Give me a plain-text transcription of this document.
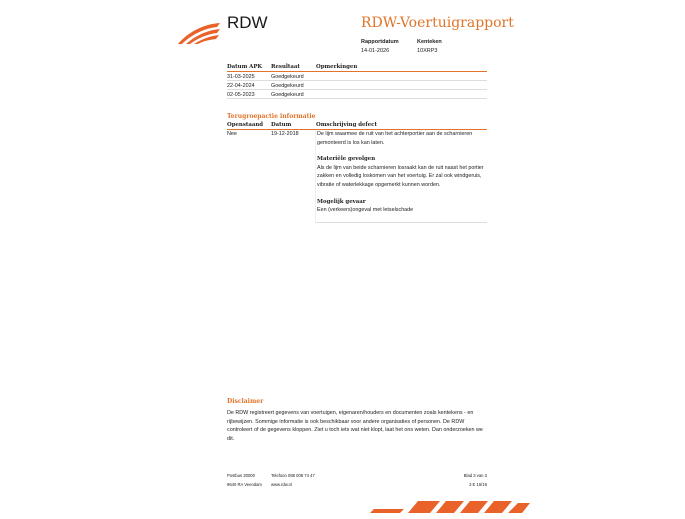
RDW	RDW-Voertuigrapport
Rapportdatum
14-01-2026
Kenteken
10XRP3
Datum APK	Resultaat	Opmerkingen
31-03-2025	Goedgekeurd
22-04-2024	Goedgekeurd
02-05-2023	Goedgekeurd
Terugroepactie informatie
Openstaand	Datum	Omschrijving defect
Nee	19-12-2018	De lijm waarmee de ruit van het achterportier aan de scharnieren gemonteerd is los kan laten.
Materiële gevolgen
Als de lijm van beide scharnieren losraakt kan de ruit naast het portier zakken en volledig loskomen van het voertuig. Er zal ook windgeruis, vibratie of waterlekkage opgemerkt kunnen worden.
Mogelijk gevaar
Een (verkeers)ongeval met letselschade
Disclaimer
De RDW registreert gegevens van voertuigen, eigenaren/houders en documenten zoals kentekens - en rijbewijzen. Sommige informatie is ook beschikbaar voor andere organisaties of personen. De RDW controleert of de gegevens kloppen. Ziet u toch iets wat niet klopt, laat het ons weten. Dan onderzoeken we dit.
Postbus 30000
9640 RA Veendam
Telefoon 088 008 74 47
www.rdw.nl
Blad 3 van 3
3 E 16/19
